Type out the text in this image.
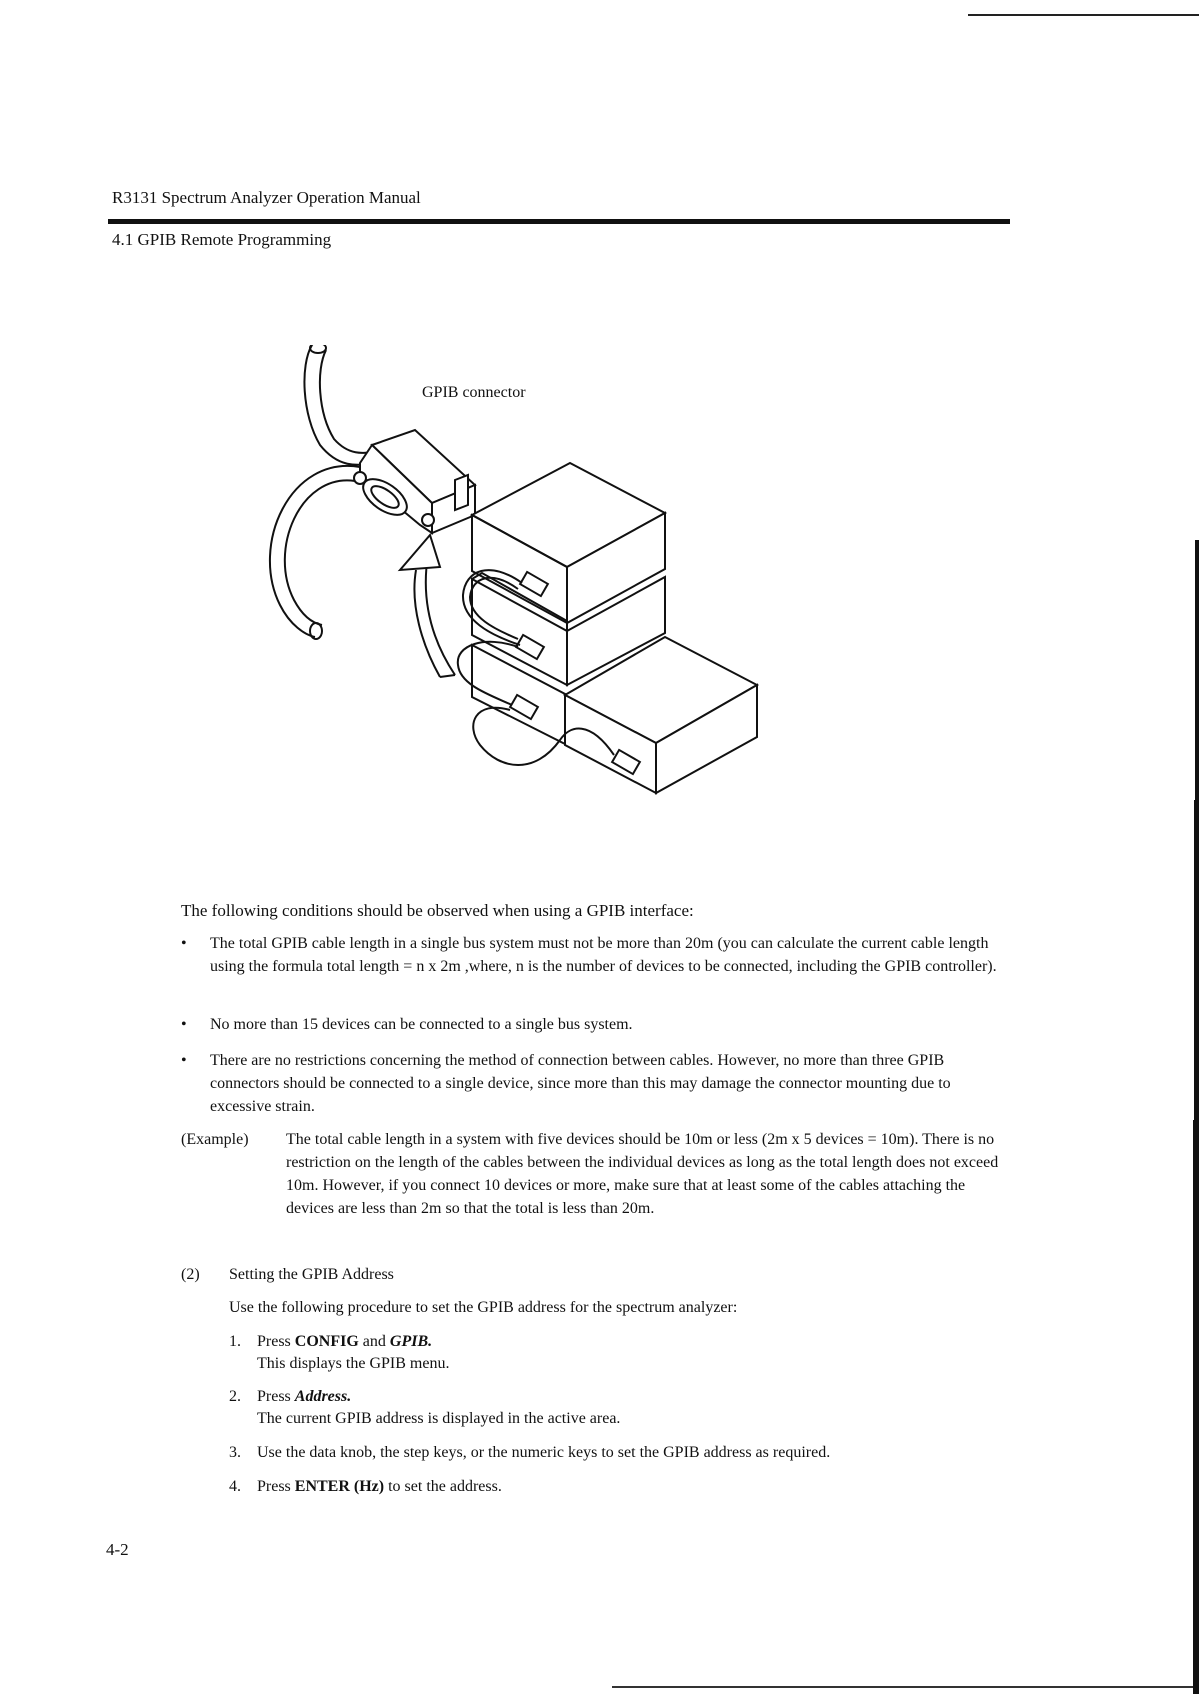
R3131 Spectrum Analyzer Operation Manual
4.1 GPIB Remote Programming
GPIB connector
The following conditions should be observed when using a GPIB interface:
• The total GPIB cable length in a single bus system must not be more than 20m (you can calculate the current cable length using the formula total length = n x 2m ,where, n is the number of devices to be connected, including the GPIB controller).
• No more than 15 devices can be connected to a single bus system.
• There are no restrictions concerning the method of connection between cables. However, no more than three GPIB connectors should be connected to a single device, since more than this may damage the connector mounting due to excessive strain.
(Example) The total cable length in a system with five devices should be 10m or less (2m x 5 devices = 10m). There is no restriction on the length of the cables between the individual devices as long as the total length does not exceed 10m. However, if you connect 10 devices or more, make sure that at least some of the cables attaching the devices are less than 2m so that the total is less than 20m.
(2) Setting the GPIB Address
Use the following procedure to set the GPIB address for the spectrum analyzer:
1. Press CONFIG and GPIB.
This displays the GPIB menu.
2. Press Address.
The current GPIB address is displayed in the active area.
3. Use the data knob, the step keys, or the numeric keys to set the GPIB address as required.
4. Press ENTER (Hz) to set the address.
4-2
